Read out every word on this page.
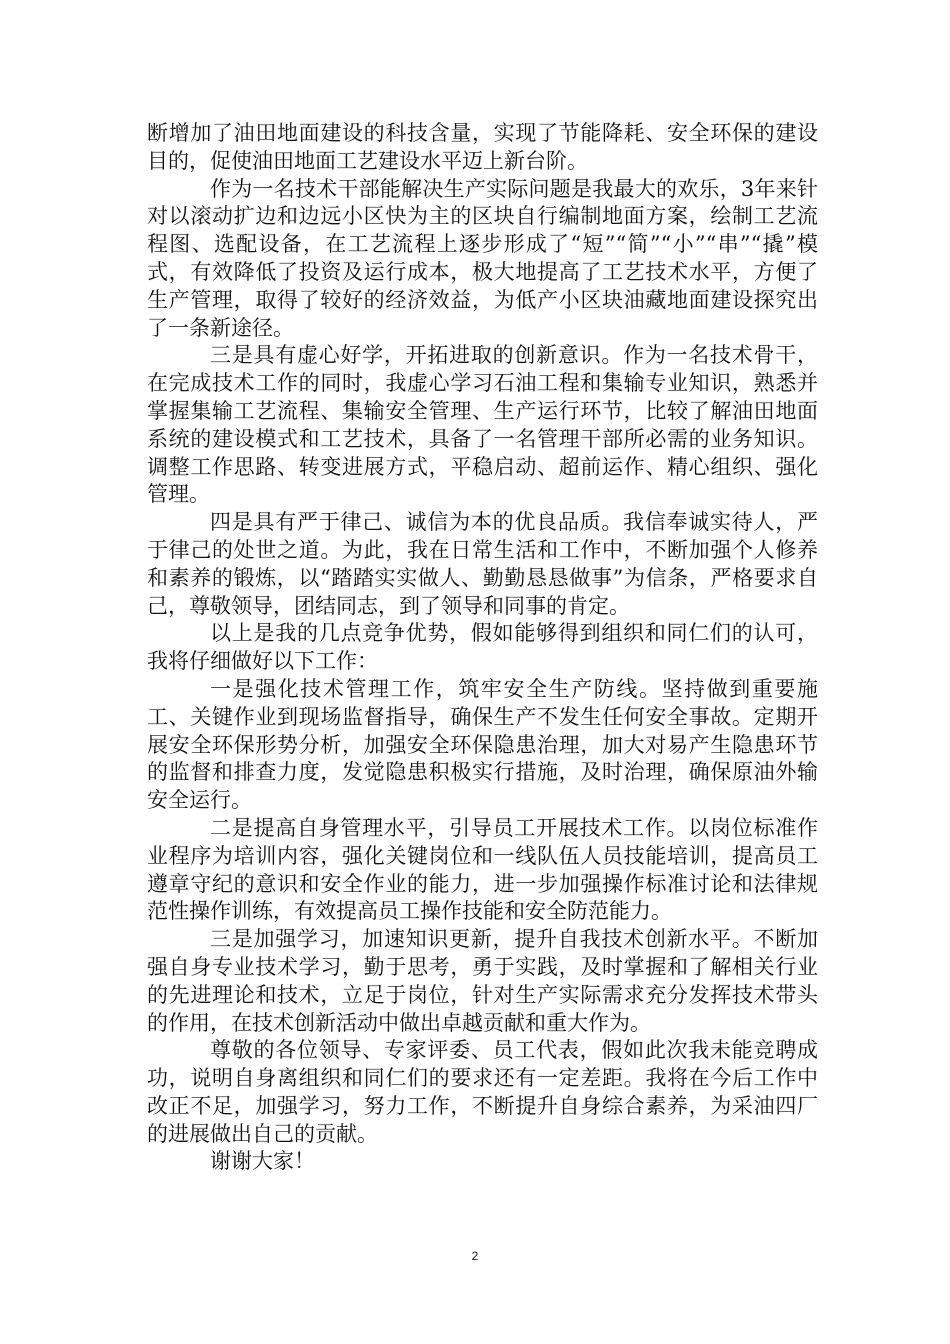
断增加了油田地面建设的科技含量，实现了节能降耗、安全环保的建设目的，促使油田地面工艺建设水平迈上新台阶。

作为一名技术干部能解决生产实际问题是我最大的欢乐，3年来针对以滚动扩边和边远小区快为主的区块自行编制地面方案，绘制工艺流程图、选配设备，在工艺流程上逐步形成了“短”“简”“小”“串”“撬”模式，有效降低了投资及运行成本，极大地提高了工艺技术水平，方便了生产管理，取得了较好的经济效益，为低产小区块油藏地面建设探究出了一条新途径。

三是具有虚心好学，开拓进取的创新意识。作为一名技术骨干，在完成技术工作的同时，我虚心学习石油工程和集输专业知识，熟悉并掌握集输工艺流程、集输安全管理、生产运行环节，比较了解油田地面系统的建设模式和工艺技术，具备了一名管理干部所必需的业务知识。调整工作思路、转变进展方式，平稳启动、超前运作、精心组织、强化管理。

四是具有严于律己、诚信为本的优良品质。我信奉诚实待人，严于律己的处世之道。为此，我在日常生活和工作中，不断加强个人修养和素养的锻炼，以“踏踏实实做人、勤勤恳恳做事”为信条，严格要求自己，尊敬领导，团结同志，到了领导和同事的肯定。

以上是我的几点竞争优势，假如能够得到组织和同仁们的认可，我将仔细做好以下工作：

一是强化技术管理工作，筑牢安全生产防线。坚持做到重要施工、关键作业到现场监督指导，确保生产不发生任何安全事故。定期开展安全环保形势分析，加强安全环保隐患治理，加大对易产生隐患环节的监督和排查力度，发觉隐患积极实行措施，及时治理，确保原油外输安全运行。

二是提高自身管理水平，引导员工开展技术工作。以岗位标准作业程序为培训内容，强化关键岗位和一线队伍人员技能培训，提高员工遵章守纪的意识和安全作业的能力，进一步加强操作标准讨论和法律规范性操作训练，有效提高员工操作技能和安全防范能力。

三是加强学习，加速知识更新，提升自我技术创新水平。不断加强自身专业技术学习，勤于思考，勇于实践，及时掌握和了解相关行业的先进理论和技术，立足于岗位，针对生产实际需求充分发挥技术带头的作用，在技术创新活动中做出卓越贡献和重大作为。

尊敬的各位领导、专家评委、员工代表，假如此次我未能竞聘成功，说明自身离组织和同仁们的要求还有一定差距。我将在今后工作中改正不足，加强学习，努力工作，不断提升自身综合素养，为采油四厂的进展做出自己的贡献。

谢谢大家！

2
